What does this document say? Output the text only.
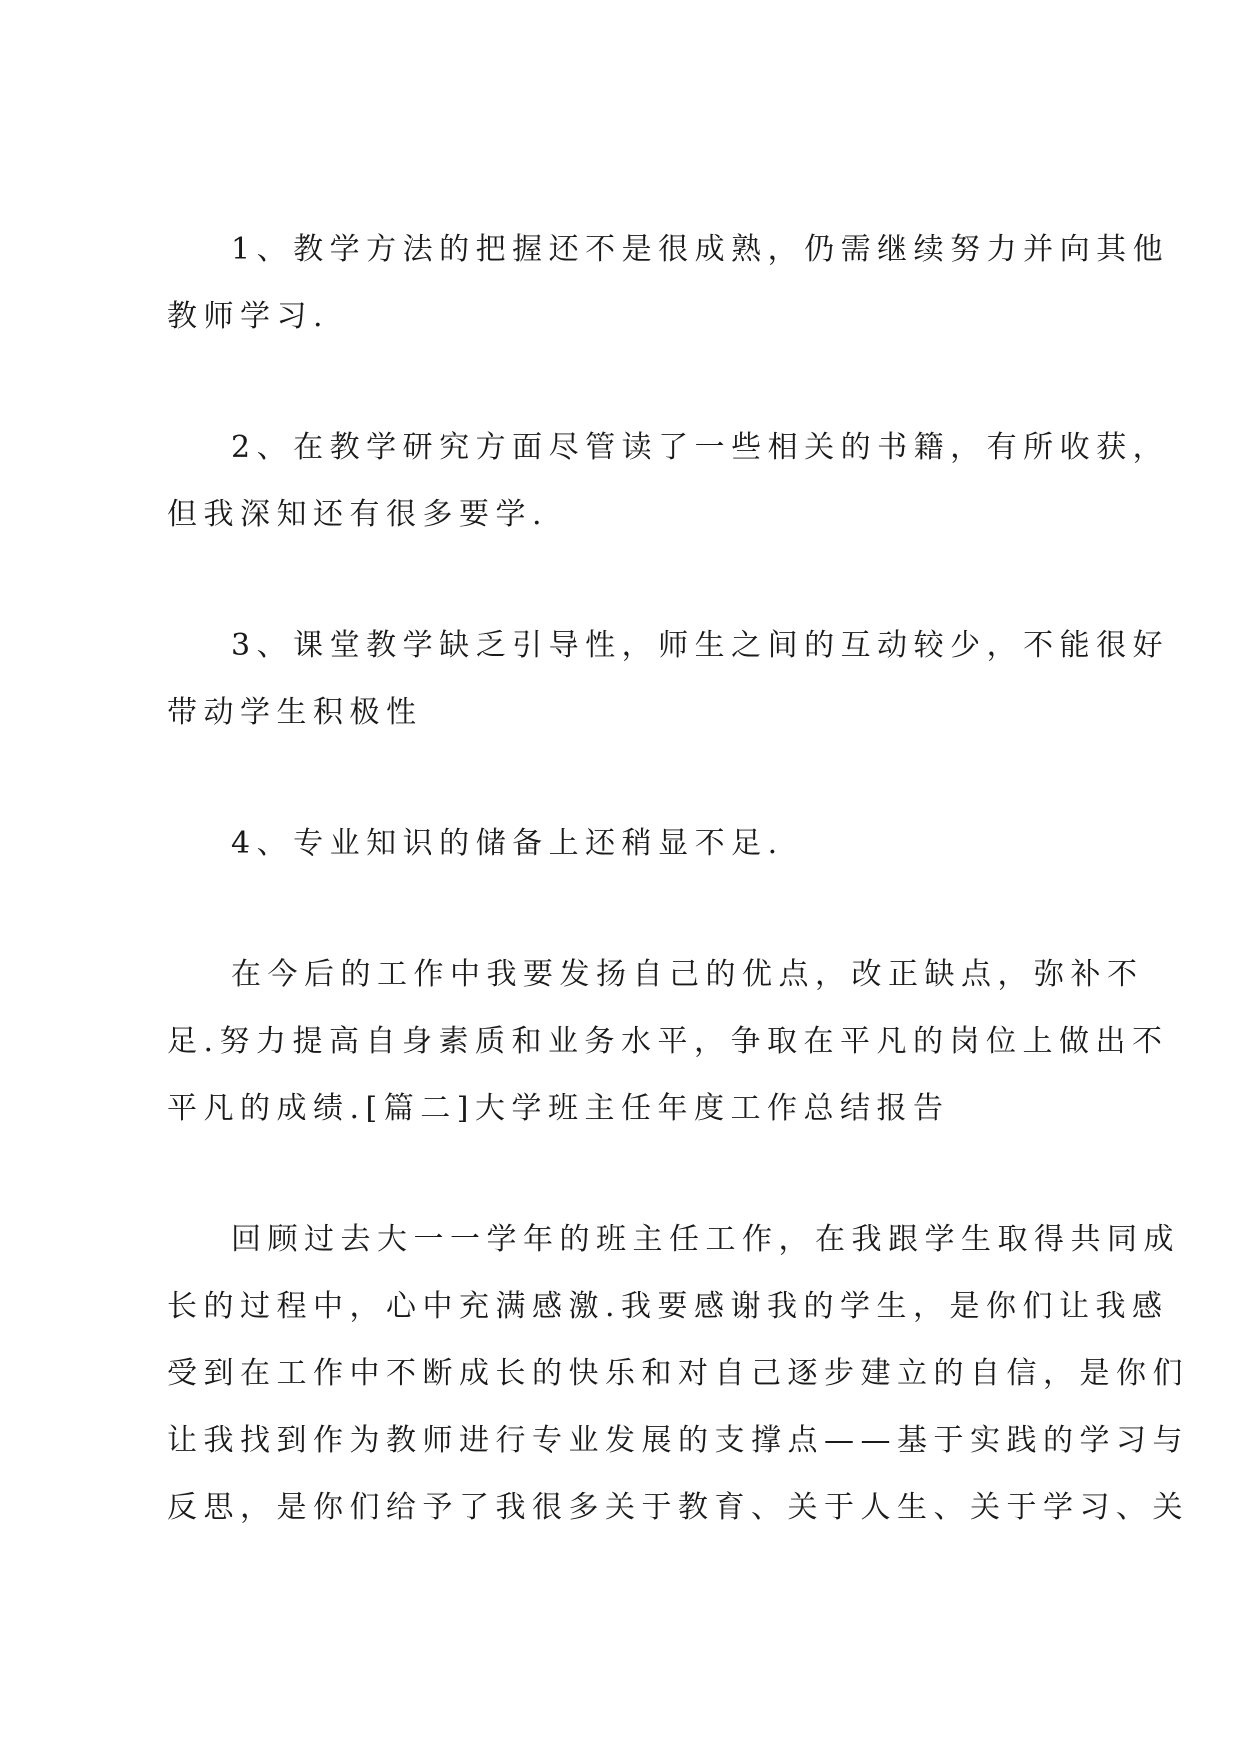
1、教学方法的把握还不是很成熟，仍需继续努力并向其他
教师学习.
2、在教学研究方面尽管读了一些相关的书籍，有所收获，
但我深知还有很多要学.
3、课堂教学缺乏引导性，师生之间的互动较少，不能很好
带动学生积极性
4、专业知识的储备上还稍显不足.
在今后的工作中我要发扬自己的优点，改正缺点，弥补不
足.努力提高自身素质和业务水平，争取在平凡的岗位上做出不
平凡的成绩.[篇二]大学班主任年度工作总结报告
回顾过去大一一学年的班主任工作，在我跟学生取得共同成
长的过程中，心中充满感激.我要感谢我的学生，是你们让我感
受到在工作中不断成长的快乐和对自己逐步建立的自信，是你们
让我找到作为教师进行专业发展的支撑点——基于实践的学习与
反思，是你们给予了我很多关于教育、关于人生、关于学习、关
